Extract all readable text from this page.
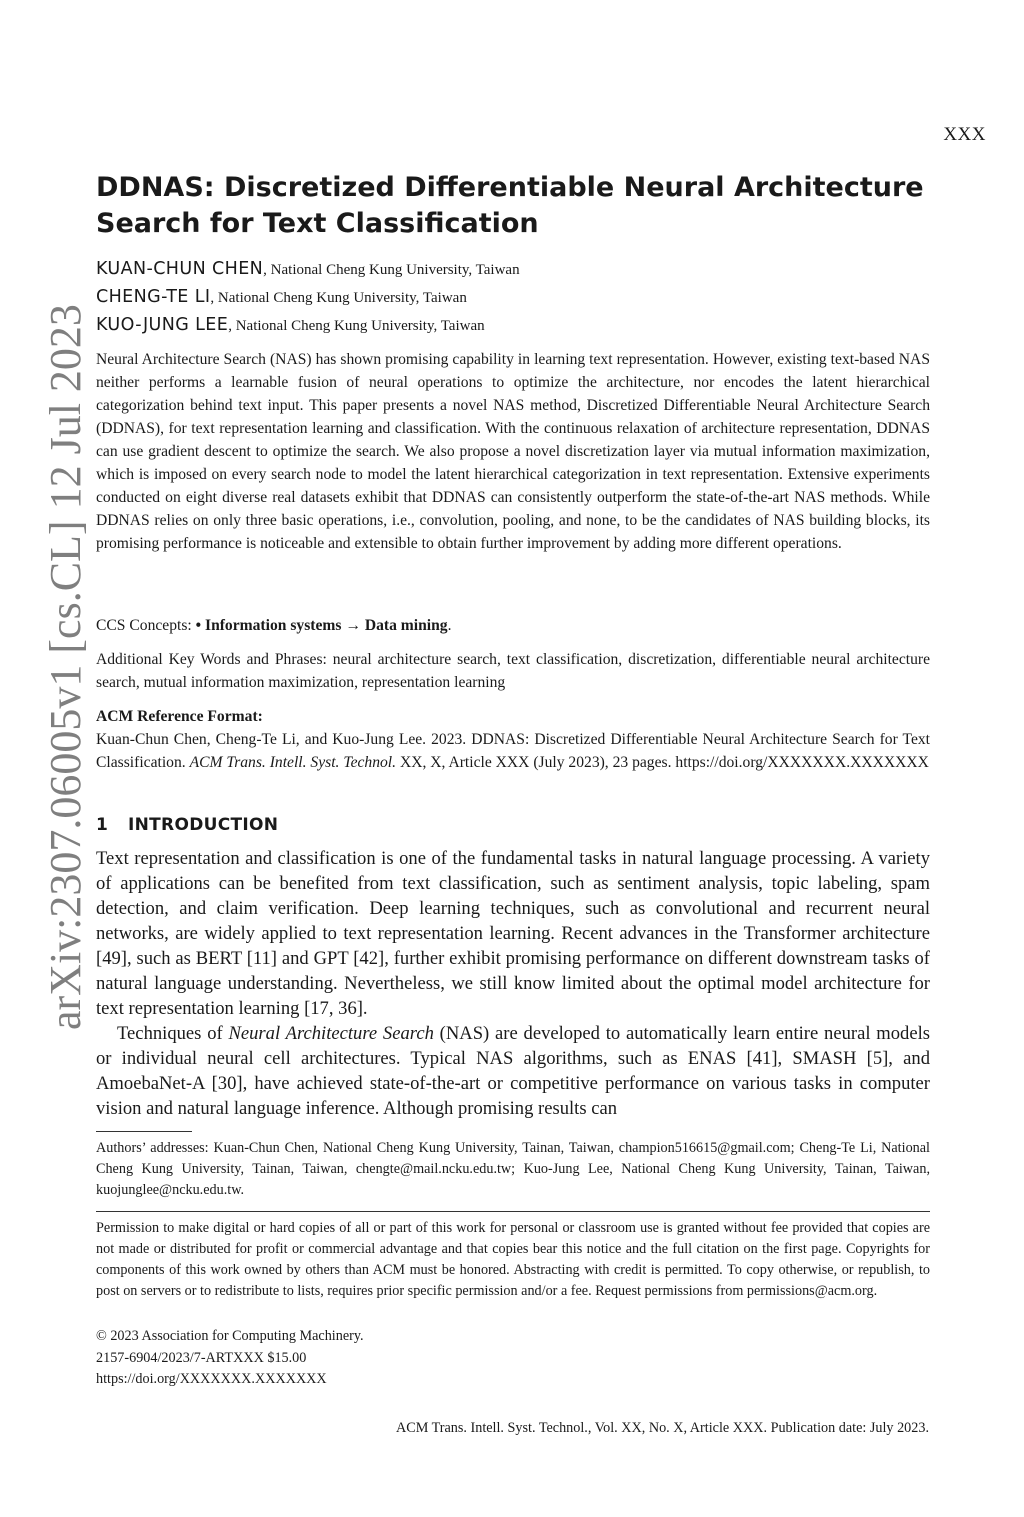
XXX
arXiv:2307.06005v1 [cs.CL] 12 Jul 2023
DDNAS: Discretized Differentiable Neural Architecture
Search for Text Classification
KUAN-CHUN CHEN, National Cheng Kung University, Taiwan
CHENG-TE LI, National Cheng Kung University, Taiwan
KUO-JUNG LEE, National Cheng Kung University, Taiwan

Neural Architecture Search (NAS) has shown promising capability in learning text representation. However, existing text-based NAS neither performs a learnable fusion of neural operations to optimize the architecture, nor encodes the latent hierarchical categorization behind text input. This paper presents a novel NAS method, Discretized Differentiable Neural Architecture Search (DDNAS), for text representation learning and classification. With the continuous relaxation of architecture representation, DDNAS can use gradient descent to optimize the search. We also propose a novel discretization layer via mutual information maximization, which is imposed on every search node to model the latent hierarchical categorization in text representation. Extensive experiments conducted on eight diverse real datasets exhibit that DDNAS can consistently outperform the state-of-the-art NAS methods. While DDNAS relies on only three basic operations, i.e., convolution, pooling, and none, to be the candidates of NAS building blocks, its promising performance is noticeable and extensible to obtain further improvement by adding more different operations.

CCS Concepts: • Information systems → Data mining.
Additional Key Words and Phrases: neural architecture search, text classification, discretization, differentiable neural architecture search, mutual information maximization, representation learning
ACM Reference Format:
Kuan-Chun Chen, Cheng-Te Li, and Kuo-Jung Lee. 2023. DDNAS: Discretized Differentiable Neural Architecture Search for Text Classification. ACM Trans. Intell. Syst. Technol. XX, X, Article XXX (July 2023), 23 pages. https://doi.org/XXXXXXX.XXXXXXX
1 INTRODUCTION

Text representation and classification is one of the fundamental tasks in natural language processing. A variety of applications can be benefited from text classification, such as sentiment analysis, topic labeling, spam detection, and claim verification. Deep learning techniques, such as convolutional and recurrent neural networks, are widely applied to text representation learning. Recent advances in the Transformer architecture [49], such as BERT [11] and GPT [42], further exhibit promising performance on different downstream tasks of natural language understanding. Nevertheless, we still know limited about the optimal model architecture for text representation learning [17, 36].

Techniques of Neural Architecture Search (NAS) are developed to automatically learn entire neural models or individual neural cell architectures. Typical NAS algorithms, such as ENAS [41], SMASH [5], and AmoebaNet-A [30], have achieved state-of-the-art or competitive performance on various tasks in computer vision and natural language inference. Although promising results can

Authors’ addresses: Kuan-Chun Chen, National Cheng Kung University, Tainan, Taiwan, champion516615@gmail.com; Cheng-Te Li, National Cheng Kung University, Tainan, Taiwan, chengte@mail.ncku.edu.tw; Kuo-Jung Lee, National Cheng Kung University, Tainan, Taiwan, kuojunglee@ncku.edu.tw.
Permission to make digital or hard copies of all or part of this work for personal or classroom use is granted without fee provided that copies are not made or distributed for profit or commercial advantage and that copies bear this notice and the full citation on the first page. Copyrights for components of this work owned by others than ACM must be honored. Abstracting with credit is permitted. To copy otherwise, or republish, to post on servers or to redistribute to lists, requires prior specific permission and/or a fee. Request permissions from permissions@acm.org.
© 2023 Association for Computing Machinery.
2157-6904/2023/7-ARTXXX $15.00
https://doi.org/XXXXXXX.XXXXXXX
ACM Trans. Intell. Syst. Technol., Vol. XX, No. X, Article XXX. Publication date: July 2023.
